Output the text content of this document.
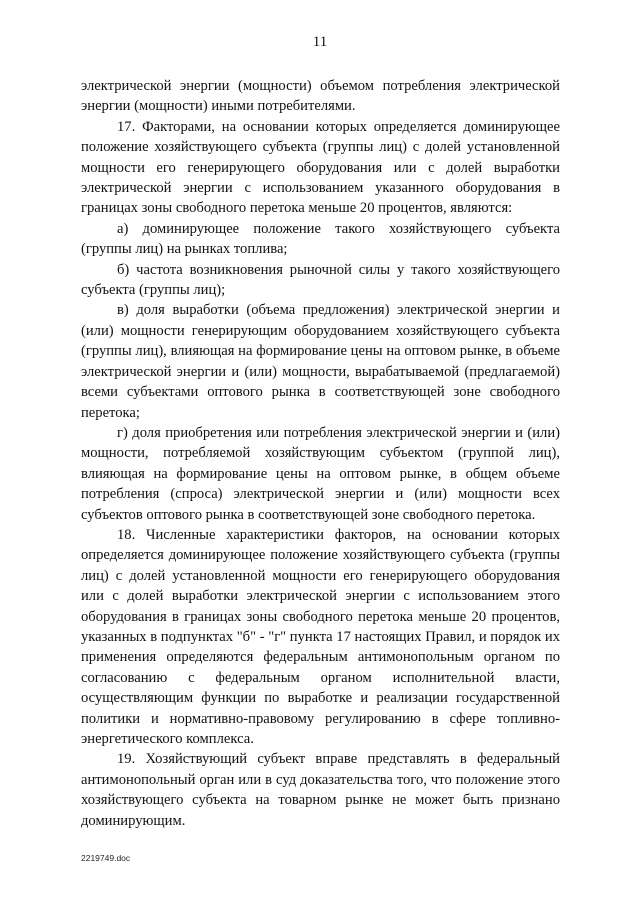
11

электрической энергии (мощности) объемом потребления электрической энергии (мощности) иными потребителями.

17. Факторами, на основании которых определяется доминирующее положение хозяйствующего субъекта (группы лиц) с долей установленной мощности его генерирующего оборудования или с долей выработки электрической энергии с использованием указанного оборудования в границах зоны свободного перетока меньше 20 процентов, являются:

а) доминирующее положение такого хозяйствующего субъекта (группы лиц) на рынках топлива;

б) частота возникновения рыночной силы у такого хозяйствующего субъекта (группы лиц);

в) доля выработки (объема предложения) электрической энергии и (или) мощности генерирующим оборудованием хозяйствующего субъекта (группы лиц), влияющая на формирование цены на оптовом рынке, в объеме электрической энергии и (или) мощности, вырабатываемой (предлагаемой) всеми субъектами оптового рынка в соответствующей зоне свободного перетока;

г) доля приобретения или потребления электрической энергии и (или) мощности, потребляемой хозяйствующим субъектом (группой лиц), влияющая на формирование цены на оптовом рынке, в общем объеме потребления (спроса) электрической энергии и (или) мощности всех субъектов оптового рынка в соответствующей зоне свободного перетока.

18. Численные характеристики факторов, на основании которых определяется доминирующее положение хозяйствующего субъекта (группы лиц) с долей установленной мощности его генерирующего оборудования или с долей выработки электрической энергии с использованием этого оборудования в границах зоны свободного перетока меньше 20 процентов, указанных в подпунктах "б" - "г" пункта 17 настоящих Правил, и порядок их применения определяются федеральным антимонопольным органом по согласованию с федеральным органом исполнительной власти, осуществляющим функции по выработке и реализации государственной политики и нормативно-правовому регулированию в сфере топливно-энергетического комплекса.

19. Хозяйствующий субъект вправе представлять в федеральный антимонопольный орган или в суд доказательства того, что положение этого хозяйствующего субъекта на товарном рынке не может быть признано доминирующим.

2219749.doc
